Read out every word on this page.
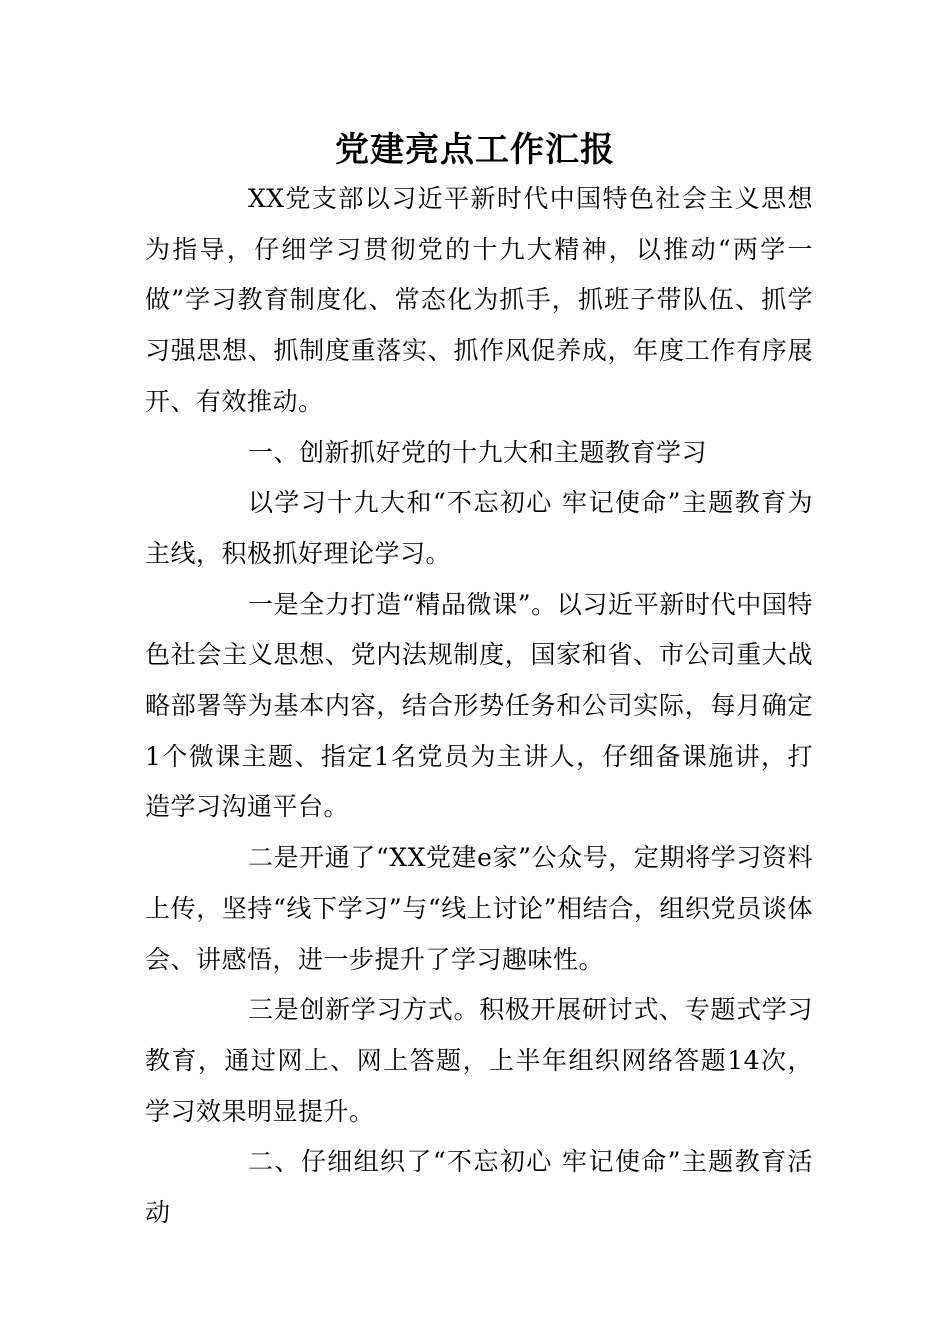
党建亮点工作汇报

XX党支部以习近平新时代中国特色社会主义思想为指导，仔细学习贯彻党的十九大精神，以推动“两学一做”学习教育制度化、常态化为抓手，抓班子带队伍、抓学习强思想、抓制度重落实、抓作风促养成，年度工作有序展开、有效推动。

一、创新抓好党的十九大和主题教育学习

以学习十九大和“不忘初心 牢记使命”主题教育为主线，积极抓好理论学习。

一是全力打造“精品微课”。以习近平新时代中国特色社会主义思想、党内法规制度，国家和省、市公司重大战略部署等为基本内容，结合形势任务和公司实际，每月确定1个微课主题、指定1名党员为主讲人，仔细备课施讲，打造学习沟通平台。

二是开通了“XX党建e家”公众号，定期将学习资料上传，坚持“线下学习”与“线上讨论”相结合，组织党员谈体会、讲感悟，进一步提升了学习趣味性。

三是创新学习方式。积极开展研讨式、专题式学习教育，通过网上、网上答题，上半年组织网络答题14次，学习效果明显提升。

二、仔细组织了“不忘初心 牢记使命”主题教育活动
